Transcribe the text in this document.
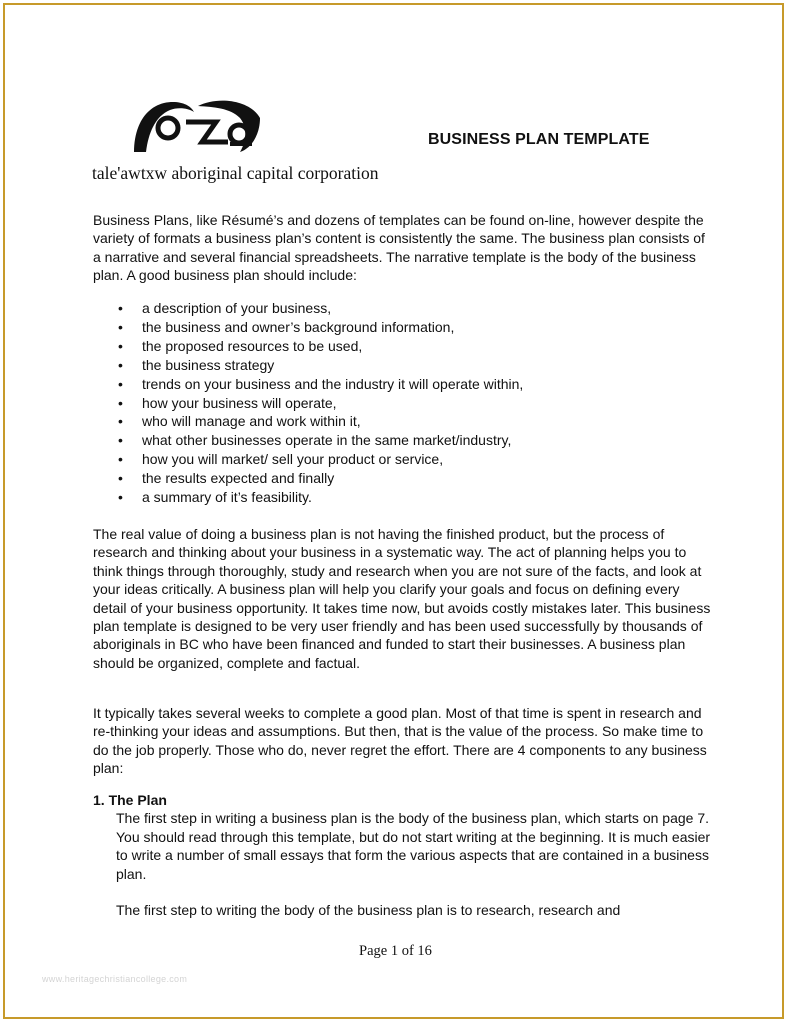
tale'awtxw aboriginal capital corporation
BUSINESS PLAN TEMPLATE

Business Plans, like Résumé’s and dozens of templates can be found on-line, however despite the variety of formats a business plan’s content is consistently the same. The business plan consists of a narrative and several financial spreadsheets. The narrative template is the body of the business plan. A good business plan should include:

• a description of your business,
• the business and owner’s background information,
• the proposed resources to be used,
• the business strategy
• trends on your business and the industry it will operate within,
• how your business will operate,
• who will manage and work within it,
• what other businesses operate in the same market/industry,
• how you will market/ sell your product or service,
• the results expected and finally
• a summary of it’s feasibility.

The real value of doing a business plan is not having the finished product, but the process of research and thinking about your business in a systematic way. The act of planning helps you to think things through thoroughly, study and research when you are not sure of the facts, and look at your ideas critically. A business plan will help you clarify your goals and focus on defining every detail of your business opportunity. It takes time now, but avoids costly mistakes later. This business plan template is designed to be very user friendly and has been used successfully by thousands of aboriginals in BC who have been financed and funded to start their businesses. A business plan should be organized, complete and factual.

It typically takes several weeks to complete a good plan. Most of that time is spent in research and re-thinking your ideas and assumptions. But then, that is the value of the process. So make time to do the job properly. Those who do, never regret the effort. There are 4 components to any business plan:

1. The Plan

The first step in writing a business plan is the body of the business plan, which starts on page 7. You should read through this template, but do not start writing at the beginning. It is much easier to write a number of small essays that form the various aspects that are contained in a business plan.

The first step to writing the body of the business plan is to research, research and

Page 1 of 16
www.heritagechristiancollege.com
